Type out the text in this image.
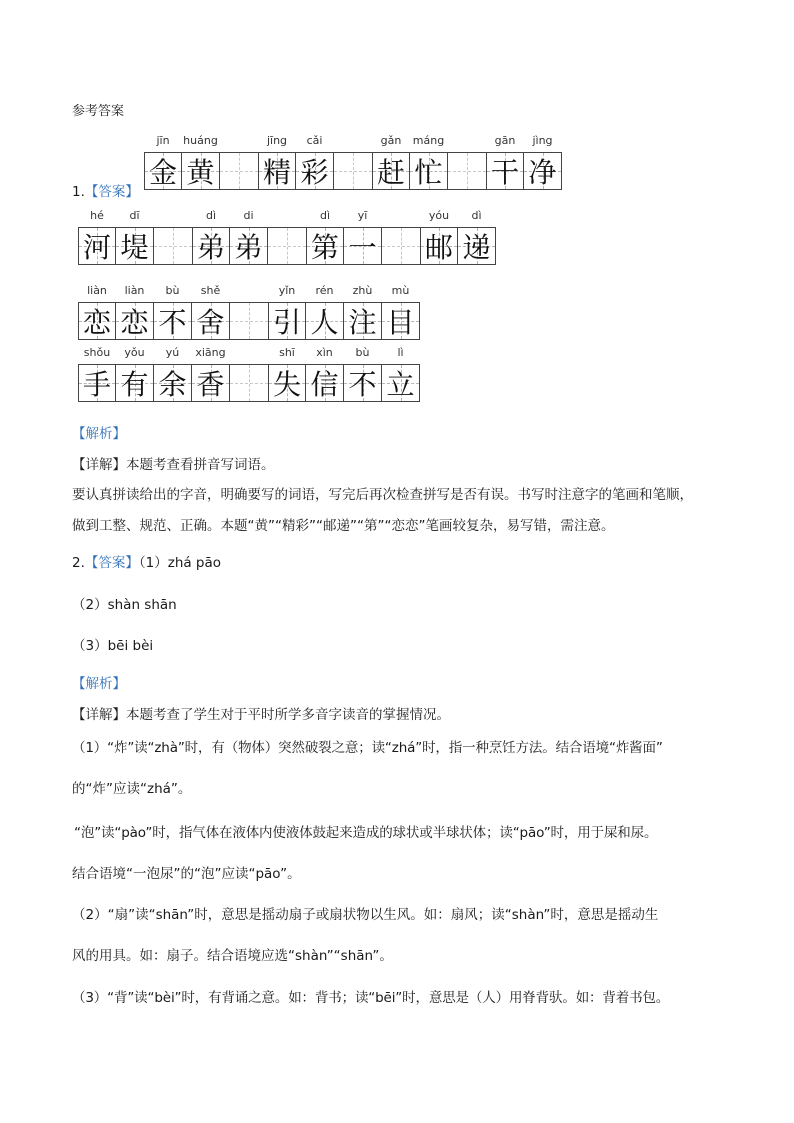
参考答案
1.【答案】
jīn
金
huáng
黄
jīng
精
cǎi
彩
gǎn
赶
máng
忙
gān
干
jìng
净
hé
河
dī
堤
dì
弟
di
弟
dì
第
yī
一
yóu
邮
dì
递
liàn
恋
liàn
恋
bù
不
shě
舍
yǐn
引
rén
人
zhù
注
mù
目
shǒu
手
yǒu
有
yú
余
xiāng
香
shī
失
xìn
信
bù
不
lì
立
【解析】
【详解】本题考查看拼音写词语。
要认真拼读给出的字音，明确要写的词语，写完后再次检查拼写是否有误。书写时注意字的笔画和笔顺，
做到工整、规范、正确。本题“黄”“精彩”“邮递”“第”“恋恋”笔画较复杂，易写错，需注意。
2.【答案】（1）zhá pāo
（2）shàn shān
（3）bēi bèi
【解析】
【详解】本题考查了学生对于平时所学多音字读音的掌握情况。
（1）“炸”读“zhà”时，有（物体）突然破裂之意；读“zhá”时，指一种烹饪方法。结合语境“炸酱面”
的“炸”应读“zhá”。
“泡”读“pào”时，指气体在液体内使液体鼓起来造成的球状或半球状体；读“pāo”时，用于屎和尿。
结合语境“一泡尿”的“泡”应读“pāo”。
（2）“扇”读“shān”时，意思是摇动扇子或扇状物以生风。如：扇风；读“shàn”时，意思是摇动生
风的用具。如：扇子。结合语境应选“shàn”“shān”。
（3）“背”读“bèi”时，有背诵之意。如：背书；读“bēi”时，意思是（人）用脊背驮。如：背着书包。
